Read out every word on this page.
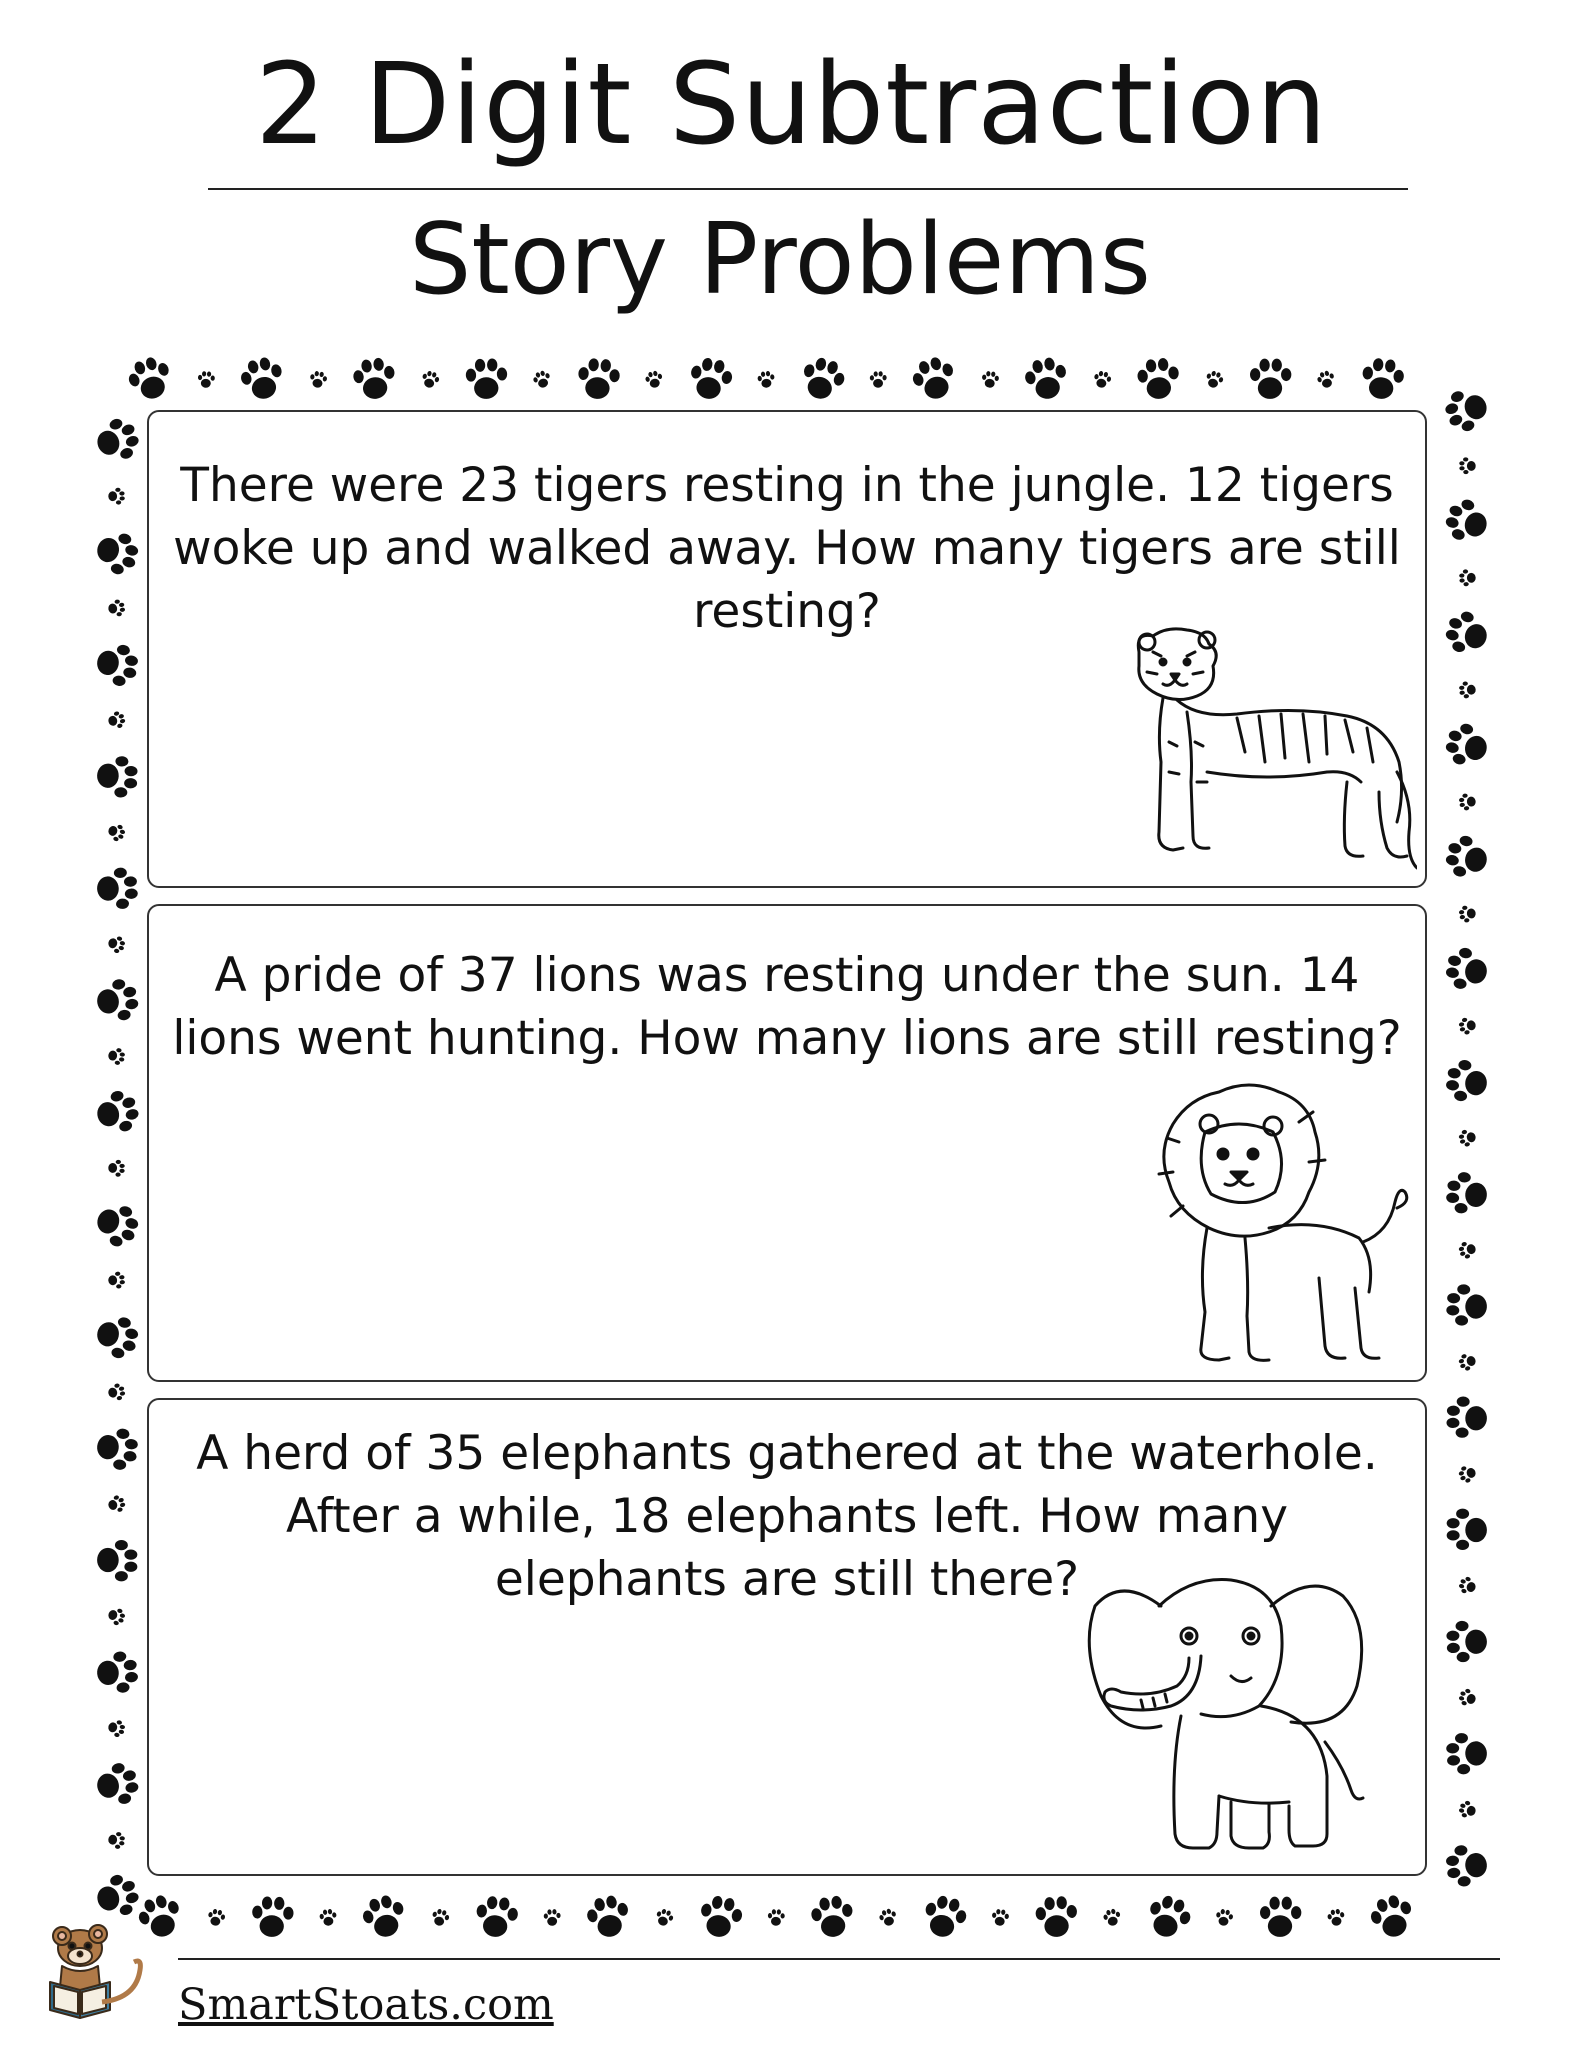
2 Digit Subtraction
Story Problems
There were 23 tigers resting in the jungle. 12 tigers woke up and walked away. How many tigers are still resting?
A pride of 37 lions was resting under the sun. 14 lions went hunting. How many lions are still resting?
A herd of 35 elephants gathered at the waterhole. After a while, 18 elephants left. How many elephants are still there?
SmartStoats.com
